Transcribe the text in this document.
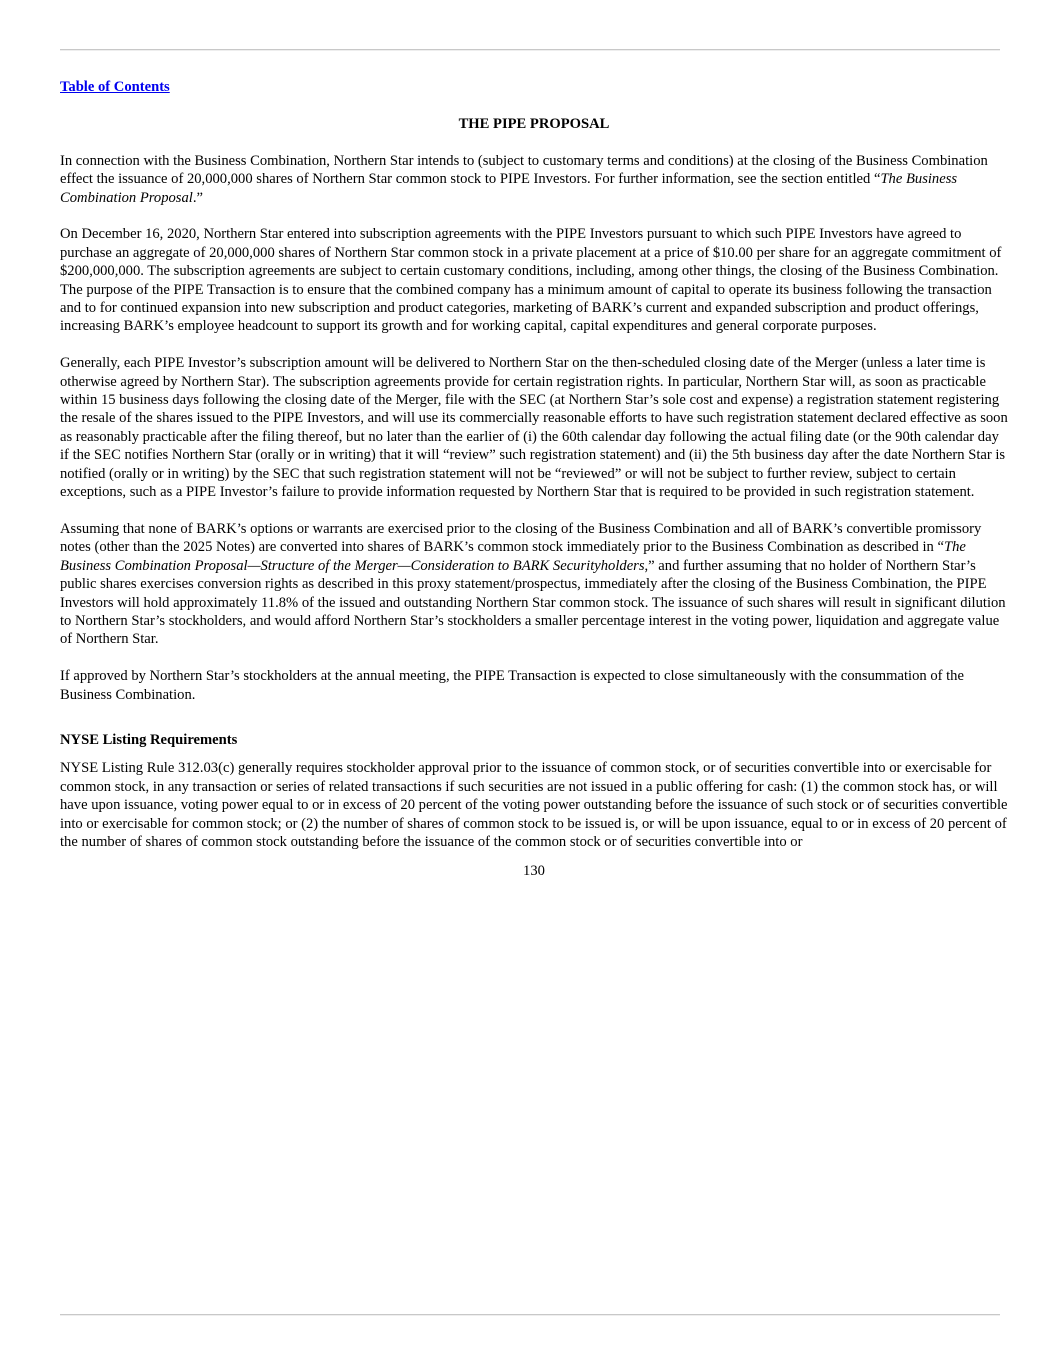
Table of Contents
THE PIPE PROPOSAL

In connection with the Business Combination, Northern Star intends to (subject to customary terms and conditions) at the closing of the Business Combination effect the issuance of 20,000,000 shares of Northern Star common stock to PIPE Investors. For further information, see the section entitled “The Business Combination Proposal.”

On December 16, 2020, Northern Star entered into subscription agreements with the PIPE Investors pursuant to which such PIPE Investors have agreed to purchase an aggregate of 20,000,000 shares of Northern Star common stock in a private placement at a price of $10.00 per share for an aggregate commitment of $200,000,000. The subscription agreements are subject to certain customary conditions, including, among other things, the closing of the Business Combination. The purpose of the PIPE Transaction is to ensure that the combined company has a minimum amount of capital to operate its business following the transaction and to for continued expansion into new subscription and product categories, marketing of BARK’s current and expanded subscription and product offerings, increasing BARK’s employee headcount to support its growth and for working capital, capital expenditures and general corporate purposes.

Generally, each PIPE Investor’s subscription amount will be delivered to Northern Star on the then-scheduled closing date of the Merger (unless a later time is otherwise agreed by Northern Star). The subscription agreements provide for certain registration rights. In particular, Northern Star will, as soon as practicable within 15 business days following the closing date of the Merger, file with the SEC (at Northern Star’s sole cost and expense) a registration statement registering the resale of the shares issued to the PIPE Investors, and will use its commercially reasonable efforts to have such registration statement declared effective as soon as reasonably practicable after the filing thereof, but no later than the earlier of (i) the 60th calendar day following the actual filing date (or the 90th calendar day if the SEC notifies Northern Star (orally or in writing) that it will “review” such registration statement) and (ii) the 5th business day after the date Northern Star is notified (orally or in writing) by the SEC that such registration statement will not be “reviewed” or will not be subject to further review, subject to certain exceptions, such as a PIPE Investor’s failure to provide information requested by Northern Star that is required to be provided in such registration statement.

Assuming that none of BARK’s options or warrants are exercised prior to the closing of the Business Combination and all of BARK’s convertible promissory notes (other than the 2025 Notes) are converted into shares of BARK’s common stock immediately prior to the Business Combination as described in “The Business Combination Proposal—Structure of the Merger—Consideration to BARK Securityholders,” and further assuming that no holder of Northern Star’s public shares exercises conversion rights as described in this proxy statement/prospectus, immediately after the closing of the Business Combination, the PIPE Investors will hold approximately 11.8% of the issued and outstanding Northern Star common stock. The issuance of such shares will result in significant dilution to Northern Star’s stockholders, and would afford Northern Star’s stockholders a smaller percentage interest in the voting power, liquidation and aggregate value of Northern Star.

If approved by Northern Star’s stockholders at the annual meeting, the PIPE Transaction is expected to close simultaneously with the consummation of the Business Combination.

NYSE Listing Requirements

NYSE Listing Rule 312.03(c) generally requires stockholder approval prior to the issuance of common stock, or of securities convertible into or exercisable for common stock, in any transaction or series of related transactions if such securities are not issued in a public offering for cash: (1) the common stock has, or will have upon issuance, voting power equal to or in excess of 20 percent of the voting power outstanding before the issuance of such stock or of securities convertible into or exercisable for common stock; or (2) the number of shares of common stock to be issued is, or will be upon issuance, equal to or in excess of 20 percent of the number of shares of common stock outstanding before the issuance of the common stock or of securities convertible into or

130
